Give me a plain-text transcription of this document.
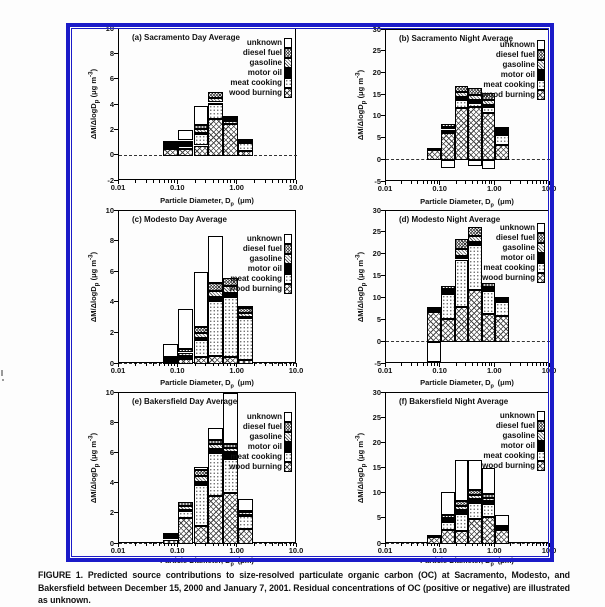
FIGURE 1. Predicted source contributions to size-resolved particulate organic carbon (OC) at Sacramento, Modesto, and Bakersfield between December 15, 2000 and January 7, 2001. Residual concentrations of OC (positive or negative) are illustrated as unknown.
(a) Sacramento Day Average
unknown
diesel fuel
gasoline
motor oil
meat cooking
wood burning
-2
0
2
4
6
8
10
0.01	0.10	1.00	10.0
Particle Diameter, $D_p$ (μm)
ΔM/ΔlogD$_p$ (μg $m^{-3}$)
(b) Sacramento Night Average
unknown
diesel fuel
gasoline
motor oil
meat cooking
wood burning
-5
0
5
10
15
20
25
30
0.01	0.10	1.00	10.0
Particle Diameter, $D_p$ (μm)
ΔM/ΔlogD$_p$ (μg $m^{-3}$)
(c) Modesto Day Average
unknown
diesel fuel
gasoline
motor oil
meat cooking
wood burning
0
2
4
6
8
10
0.01	0.10	1.00	10.0
Particle Diameter, $D_p$ (μm)
ΔM/ΔlogD$_p$ (μg $m^{-3}$)
(d) Modesto Night Average
unknown
diesel fuel
gasoline
motor oil
meat cooking
wood burning
-5
0
5
10
15
20
25
30
0.01	0.10	1.00	10.0
Particle Diameter, $D_p$ (μm)
ΔM/ΔlogD$_p$ (μg $m^{-3}$)
(e) Bakersfield Day Average
unknown
diesel fuel
gasoline
motor oil
meat cooking
wood burning
0
2
4
6
8
10
0.01	0.10	1.00	10.0
Particle Diameter, $D_p$ (μm)
ΔM/ΔlogD$_p$ (μg $m^{-3}$)
(f) Bakersfield Night Average
unknown
diesel fuel
gasoline
motor oil
meat cooking
wood burning
0
5
10
15
20
25
30
0.01	0.10	1.00	10.0
Particle Diameter, $D_p$ (μm)
ΔM/ΔlogD$_p$ (μg $m^{-3}$)
